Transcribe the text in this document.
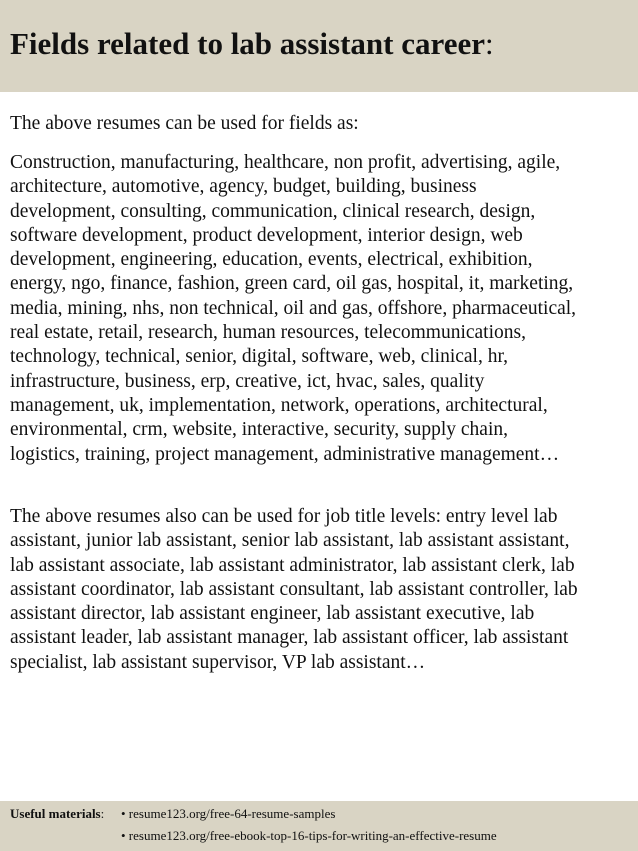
Fields related to lab assistant career:

The above resumes can be used for fields as:

Construction, manufacturing, healthcare, non profit, advertising, agile,
architecture, automotive, agency, budget, building, business
development, consulting, communication, clinical research, design,
software development, product development, interior design, web
development, engineering, education, events, electrical, exhibition,
energy, ngo, finance, fashion, green card, oil gas, hospital, it, marketing,
media, mining, nhs, non technical, oil and gas, offshore, pharmaceutical,
real estate, retail, research, human resources, telecommunications,
technology, technical, senior, digital, software, web, clinical, hr,
infrastructure, business, erp, creative, ict, hvac, sales, quality
management, uk, implementation, network, operations, architectural,
environmental, crm, website, interactive, security, supply chain,
logistics, training, project management, administrative management…

The above resumes also can be used for job title levels: entry level lab
assistant, junior lab assistant, senior lab assistant, lab assistant assistant,
lab assistant associate, lab assistant administrator, lab assistant clerk, lab
assistant coordinator, lab assistant consultant, lab assistant controller, lab
assistant director, lab assistant engineer, lab assistant executive, lab
assistant leader, lab assistant manager, lab assistant officer, lab assistant
specialist, lab assistant supervisor, VP lab assistant…

Useful materials: • resume123.org/free-64-resume-samples
• resume123.org/free-ebook-top-16-tips-for-writing-an-effective-resume
